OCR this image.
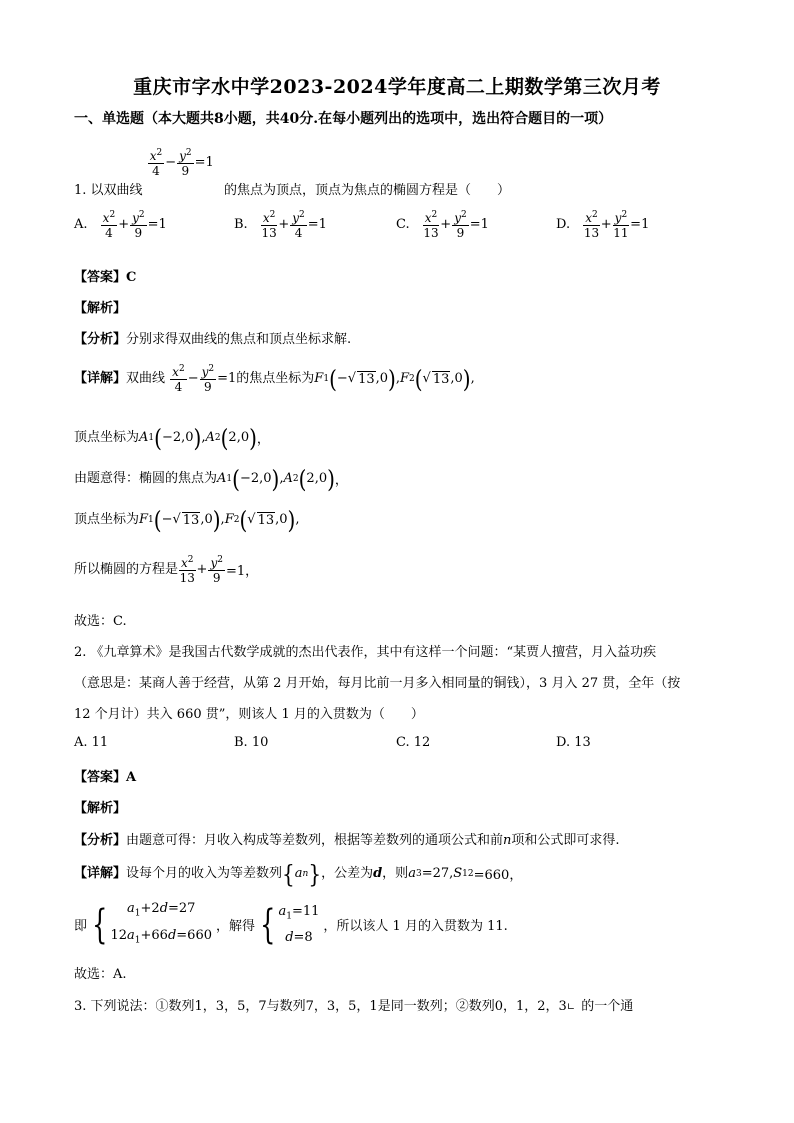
重庆市字水中学2023-2024学年度高二上期数学第三次月考
一、单选题（本大题共8小题，共40分.在每小题列出的选项中，选出符合题目的一项）
1. 以双曲线
$\frac{x^2}{4} - \frac{y^2}{9} =1$ 的焦点为顶点，顶点为焦点的椭圆方程是（　　）
A. $\frac{x^2}{4} + \frac{y^2}{9} =1$	B. $\frac{x^2}{13} + \frac{y^2}{4} =1$	C. $\frac{x^2}{13} + \frac{y^2}{9} =1$	D. $\frac{x^2}{13} + \frac{y^2}{11} =1$
【答案】C
【解析】
【分析】分别求得双曲线的焦点和顶点坐标求解.
【详解】双曲线 $\frac{x^2}{4} - \frac{y^2}{9} =1$的焦点坐标为 F 1 ( −√ 13 ,0 ) , F 2 ( √ 13 ,0 ) ,
顶点坐标为 A 1 ( −2,0 ) , A 2 ( 2,0 ) ，
由题意得：椭圆的焦点为 A 1 ( −2,0 ) , A 2 ( 2,0 ) ，
顶点坐标为 F 1 ( −√ 13 ,0 ) , F 2 ( √ 13 ,0 ) ,
所以椭圆的方程是 $\frac{x^2}{13} + \frac{y^2}{9} =1$，
故选：C.
2. 《九章算术》是我国古代数学成就的杰出代表作，其中有这样一个问题：“某贾人擅营，月入益功疾
（意思是：某商人善于经营，从第 2 月开始，每月比前一月多入相同量的铜钱），3 月入 27 贯，全年（按
12 个月计）共入 660 贯”，则该人 1 月的入贯数为（　　）
A. 11	B. 10	C. 12	D. 13
【答案】A
【解析】
【分析】由题意可得：月收入构成等差数列，根据等差数列的通项公式和前n项和公式即可求得.
【详解】设每个月的收入为等差数列 { a n } ，公差为d，则 a 3 =27, S 12 =660，
即 { $a_1+2d=27$
$12a_1+66d=660$
，解得 { $a_1=11$
d=8
，所以该人 1 月的入贯数为 11.
故选：A.
3. 下列说法：①数列1，3，5，7与数列7，3，5，1是同一数列；②数列0，1，2，3∟ 的一个通
